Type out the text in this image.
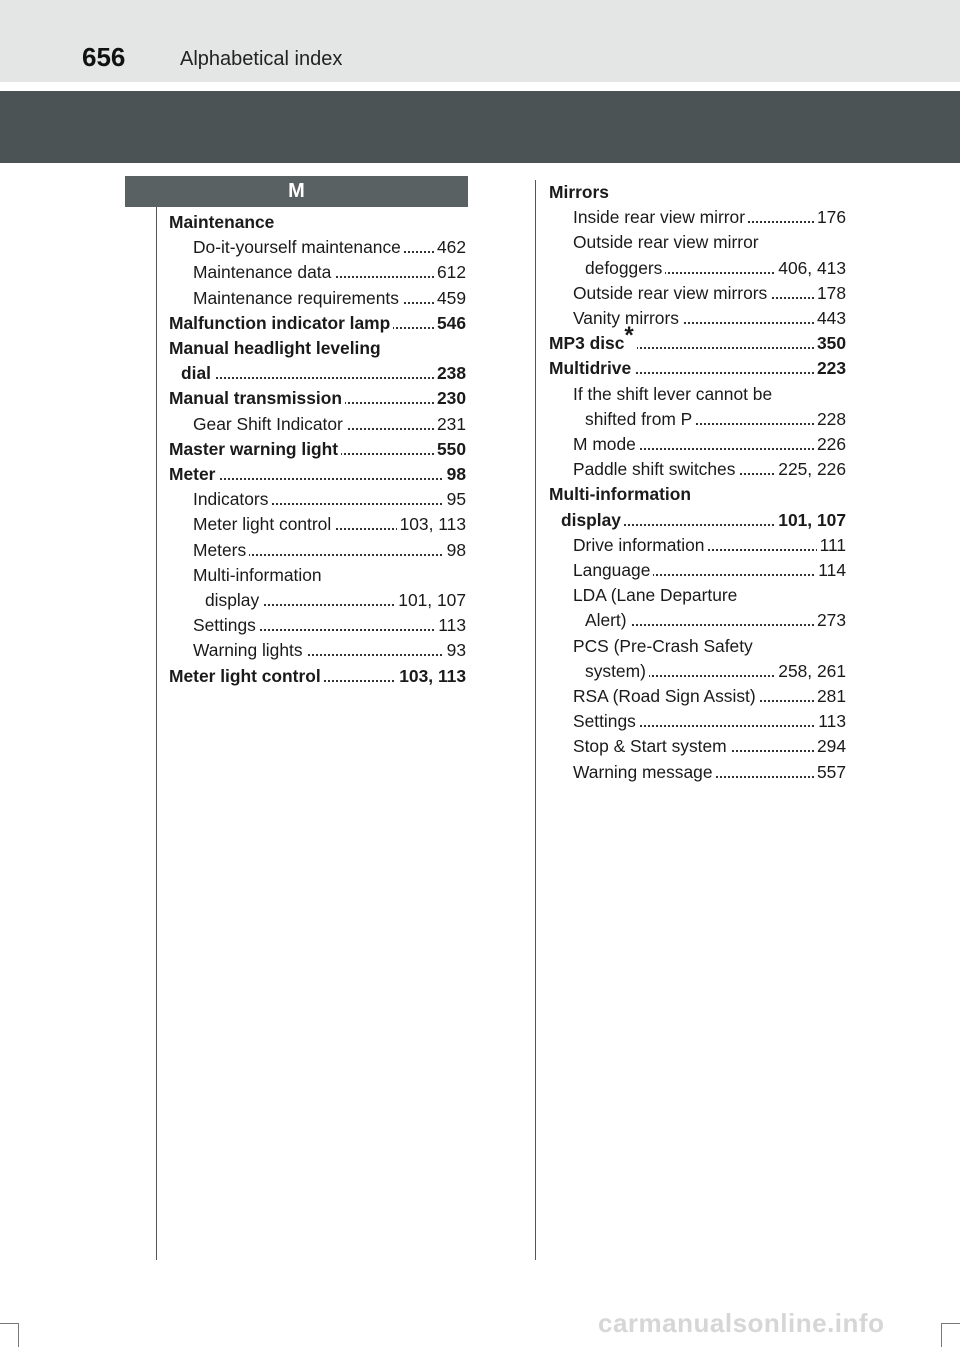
656	Alphabetical index
M
Maintenance
Do-it-yourself maintenance 462
Maintenance data	612
Maintenance requirements 459
Malfunction indicator lamp	546
Manual headlight leveling
dial	238
Manual transmission	230
Gear Shift Indicator	231
Master warning light	550
Meter	98
Indicators	95
Meter light control	103, 113
Meters	98
Multi-information
display	101, 107
Settings	113
Warning lights	93
Meter light control	103, 113
Mirrors
Inside rear view mirror	176
Outside rear view mirror
defoggers	406, 413
Outside rear view mirrors	178
Vanity mirrors	443
MP3 disc*	350
Multidrive	223
If the shift lever cannot be
shifted from P	228
M mode	226
Paddle shift switches 225, 226
Multi-information
display	101, 107
Drive information	111
Language	114
LDA (Lane Departure
Alert)	273
PCS (Pre-Crash Safety
system)	258, 261
RSA (Road Sign Assist)	281
Settings	113
Stop & Start system	294
Warning message	557
carmanualsonline.info
